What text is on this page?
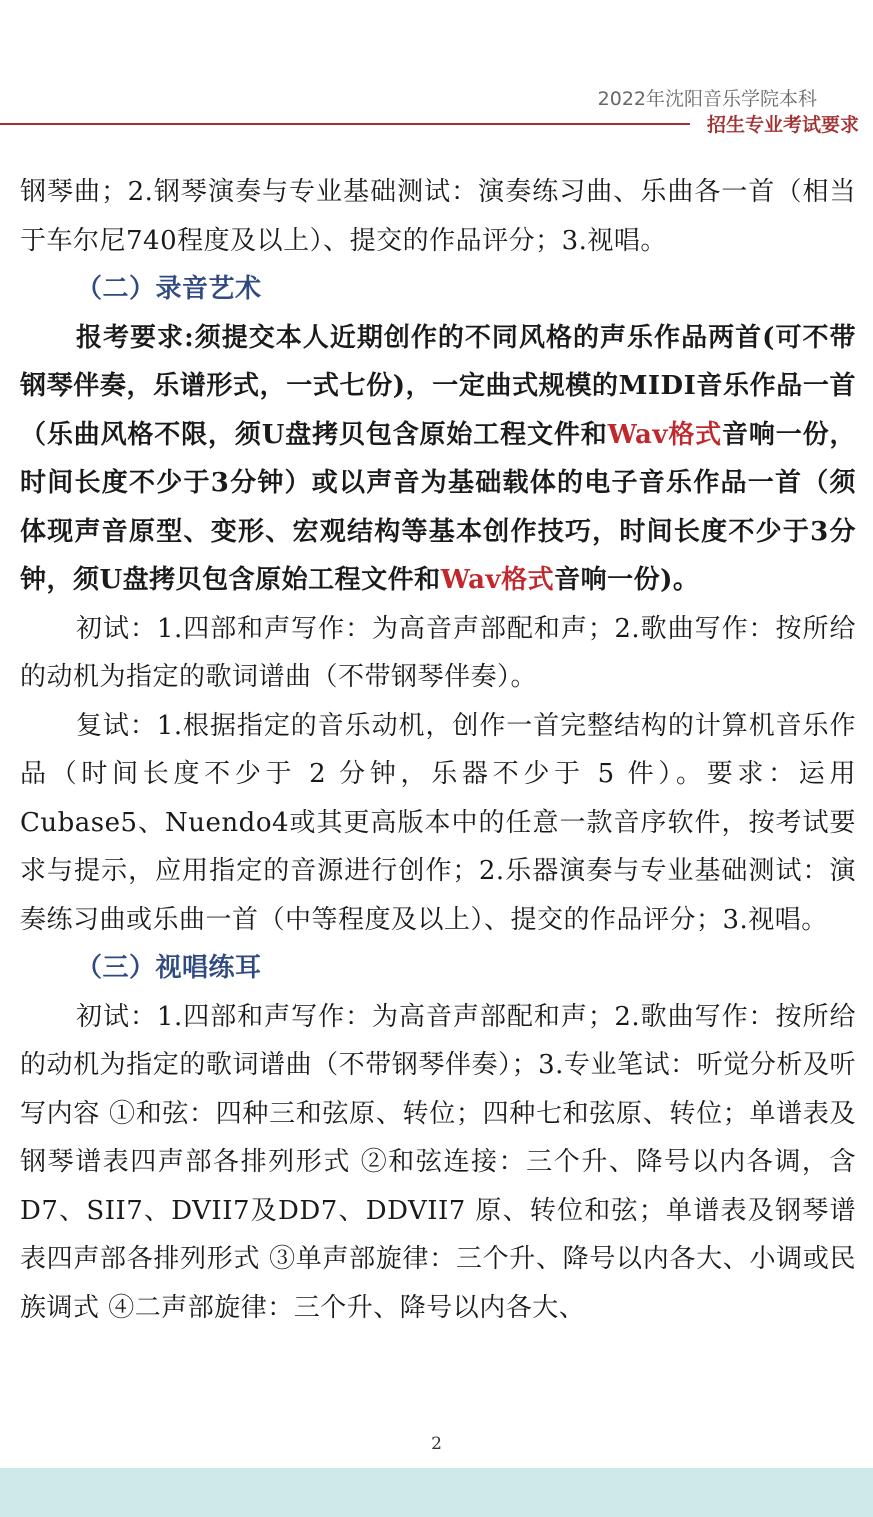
2022年沈阳音乐学院本科
招生专业考试要求

钢琴曲；2.钢琴演奏与专业基础测试：演奏练习曲、乐曲各一首（相当于车尔尼740程度及以上）、提交的作品评分；3.视唱。

（二）录音艺术

报考要求:须提交本人近期创作的不同风格的声乐作品两首(可不带钢琴伴奏，乐谱形式，一式七份)，一定曲式规模的MIDI音乐作品一首（乐曲风格不限，须U盘拷贝包含原始工程文件和Wav格式音响一份，时间长度不少于3分钟）或以声音为基础载体的电子音乐作品一首（须体现声音原型、变形、宏观结构等基本创作技巧，时间长度不少于3分钟，须U盘拷贝包含原始工程文件和Wav格式音响一份)。

初试：1.四部和声写作：为高音声部配和声；2.歌曲写作：按所给的动机为指定的歌词谱曲（不带钢琴伴奏）。

复试：1.根据指定的音乐动机，创作一首完整结构的计算机音乐作品（时间长度不少于 2 分钟，乐器不少于 5 件）。要求：运用Cubase5、Nuendo4或其更高版本中的任意一款音序软件，按考试要求与提示，应用指定的音源进行创作；2.乐器演奏与专业基础测试：演奏练习曲或乐曲一首（中等程度及以上）、提交的作品评分；3.视唱。

（三）视唱练耳

初试：1.四部和声写作：为高音声部配和声；2.歌曲写作：按所给的动机为指定的歌词谱曲（不带钢琴伴奏）；3.专业笔试：听觉分析及听写内容 ①和弦：四种三和弦原、转位；四种七和弦原、转位；单谱表及钢琴谱表四声部各排列形式 ②和弦连接：三个升、降号以内各调，含D7、SII7、DVII7及DD7、DDVII7 原、转位和弦；单谱表及钢琴谱表四声部各排列形式 ③单声部旋律：三个升、降号以内各大、小调或民族调式 ④二声部旋律：三个升、降号以内各大、

2
